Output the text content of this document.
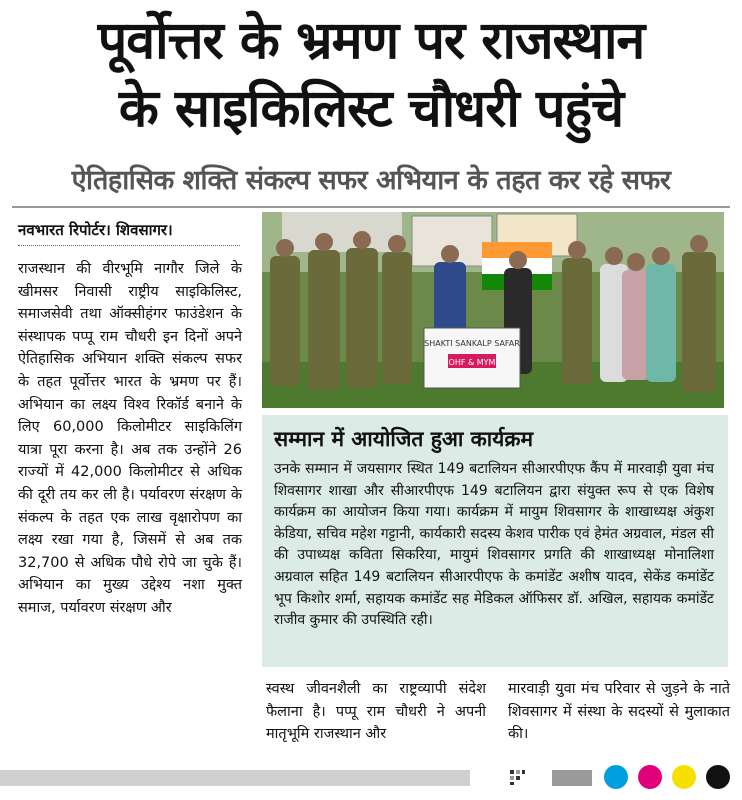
पूर्वोत्तर के भ्रमण पर राजस्थान
के साइकिलिस्ट चौधरी पहुंचे
ऐतिहासिक शक्ति संकल्प सफर अभियान के तहत कर रहे सफर
नवभारत रिपोर्टर। शिवसागर।

राजस्थान की वीरभूमि नागौर जिले के खीमसर निवासी राष्ट्रीय साइकिलिस्ट, समाजसेवी तथा ऑक्सीहंगर फाउंडेशन के संस्थापक पप्पू राम चौधरी इन दिनों अपने ऐतिहासिक अभियान शक्ति संकल्प सफर के तहत पूर्वोत्तर भारत के भ्रमण पर हैं। अभियान का लक्ष्य विश्व रिकॉर्ड बनाने के लिए 60,000 किलोमीटर साइकिलिंग यात्रा पूरा करना है। अब तक उन्होंने 26 राज्यों में 42,000 किलोमीटर से अधिक की दूरी तय कर ली है। पर्यावरण संरक्षण के संकल्प के तहत एक लाख वृक्षारोपण का लक्ष्य रखा गया है, जिसमें से अब तक 32,700 से अधिक पौधे रोपे जा चुके हैं। अभियान का मुख्य उद्देश्य नशा मुक्त समाज, पर्यावरण संरक्षण और

SHAKTI SANKALP SAFAR
OHF & MYM
सम्मान में आयोजित हुआ कार्यक्रम
उनके सम्मान में जयसागर स्थित 149 बटालियन सीआरपीएफ कैंप में मारवाड़ी युवा मंच शिवसागर शाखा और सीआरपीएफ 149 बटालियन द्वारा संयुक्त रूप से एक विशेष कार्यक्रम का आयोजन किया गया। कार्यक्रम में मायुम शिवसागर के शाखाध्यक्ष अंकुश केडिया, सचिव महेश गट्टानी, कार्यकारी सदस्य केशव पारीक एवं हेमंत अग्रवाल, मंडल सी की उपाध्यक्ष कविता सिकरिया, मायुमं शिवसागर प्रगति की शाखाध्यक्ष मोनालिशा अग्रवाल सहित 149 बटालियन सीआरपीएफ के कमांडेंट अशीष यादव, सेकेंड कमांडेंट भूप किशोर शर्मा, सहायक कमांडेंट सह मेडिकल ऑफिसर डॉ. अखिल, सहायक कमांडेंट राजीव कुमार की उपस्थिति रही।

स्वस्थ जीवनशैली का राष्ट्रव्यापी संदेश फैलाना है। पप्पू राम चौधरी ने अपनी मातृभूमि राजस्थान और

मारवाड़ी युवा मंच परिवार से जुड़ने के नाते शिवसागर में संस्था के सदस्यों से मुलाकात की।
